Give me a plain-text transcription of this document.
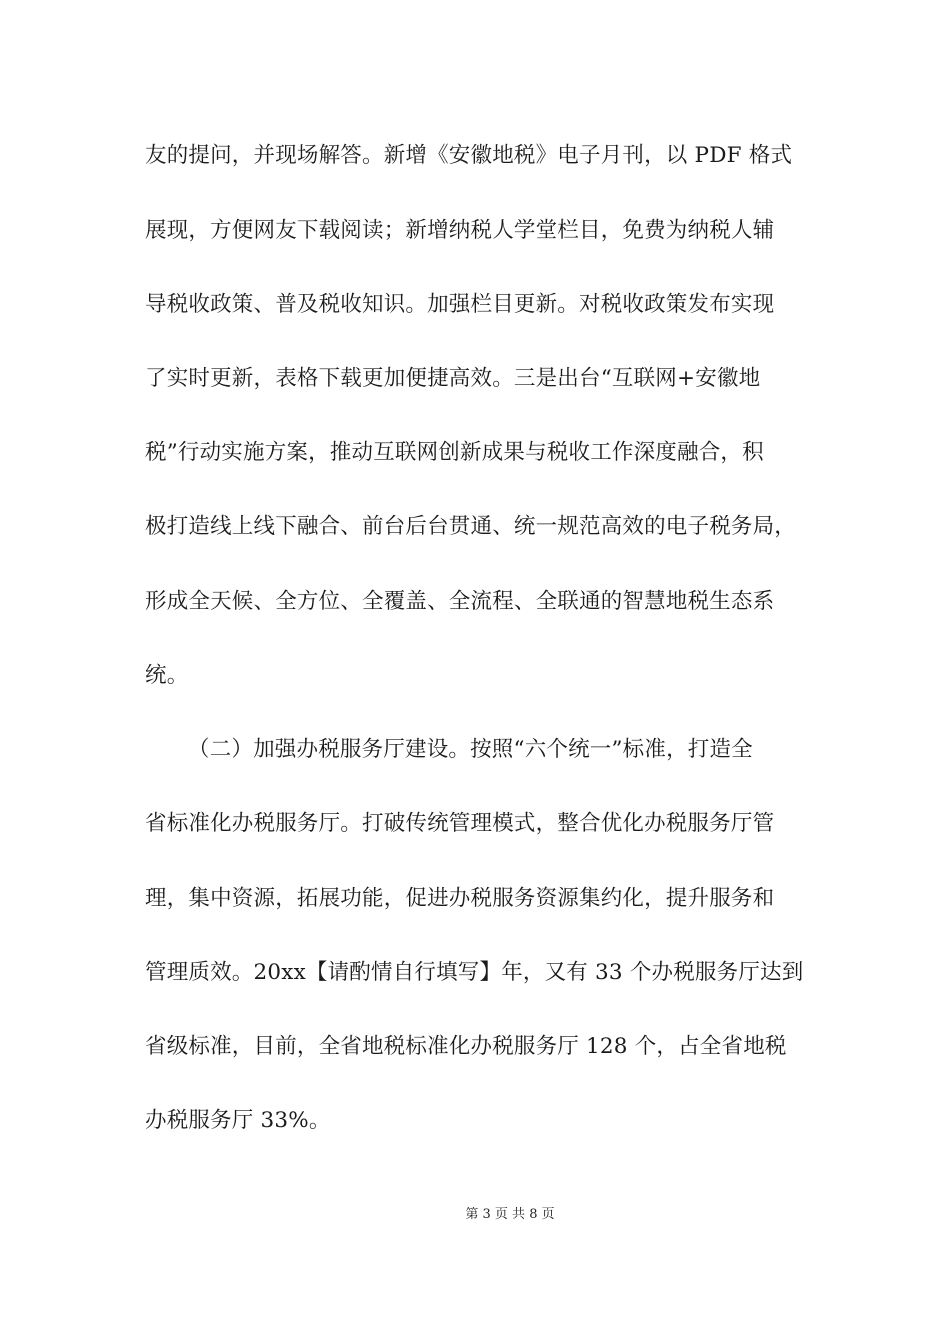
友的提问，并现场解答。新增《安徽地税》电子月刊，以 PDF 格式
展现，方便网友下载阅读；新增纳税人学堂栏目，免费为纳税人辅
导税收政策、普及税收知识。加强栏目更新。对税收政策发布实现
了实时更新，表格下载更加便捷高效。三是出台“互联网+安徽地
税”行动实施方案，推动互联网创新成果与税收工作深度融合，积
极打造线上线下融合、前台后台贯通、统一规范高效的电子税务局，
形成全天候、全方位、全覆盖、全流程、全联通的智慧地税生态系
统。
（二）加强办税服务厅建设。按照“六个统一”标准，打造全
省标准化办税服务厅。打破传统管理模式，整合优化办税服务厅管
理，集中资源，拓展功能，促进办税服务资源集约化，提升服务和
管理质效。20xx【请酌情自行填写】年，又有 33 个办税服务厅达到
省级标准，目前，全省地税标准化办税服务厅 128 个，占全省地税
办税服务厅 33%。
第 3 页 共 8 页
